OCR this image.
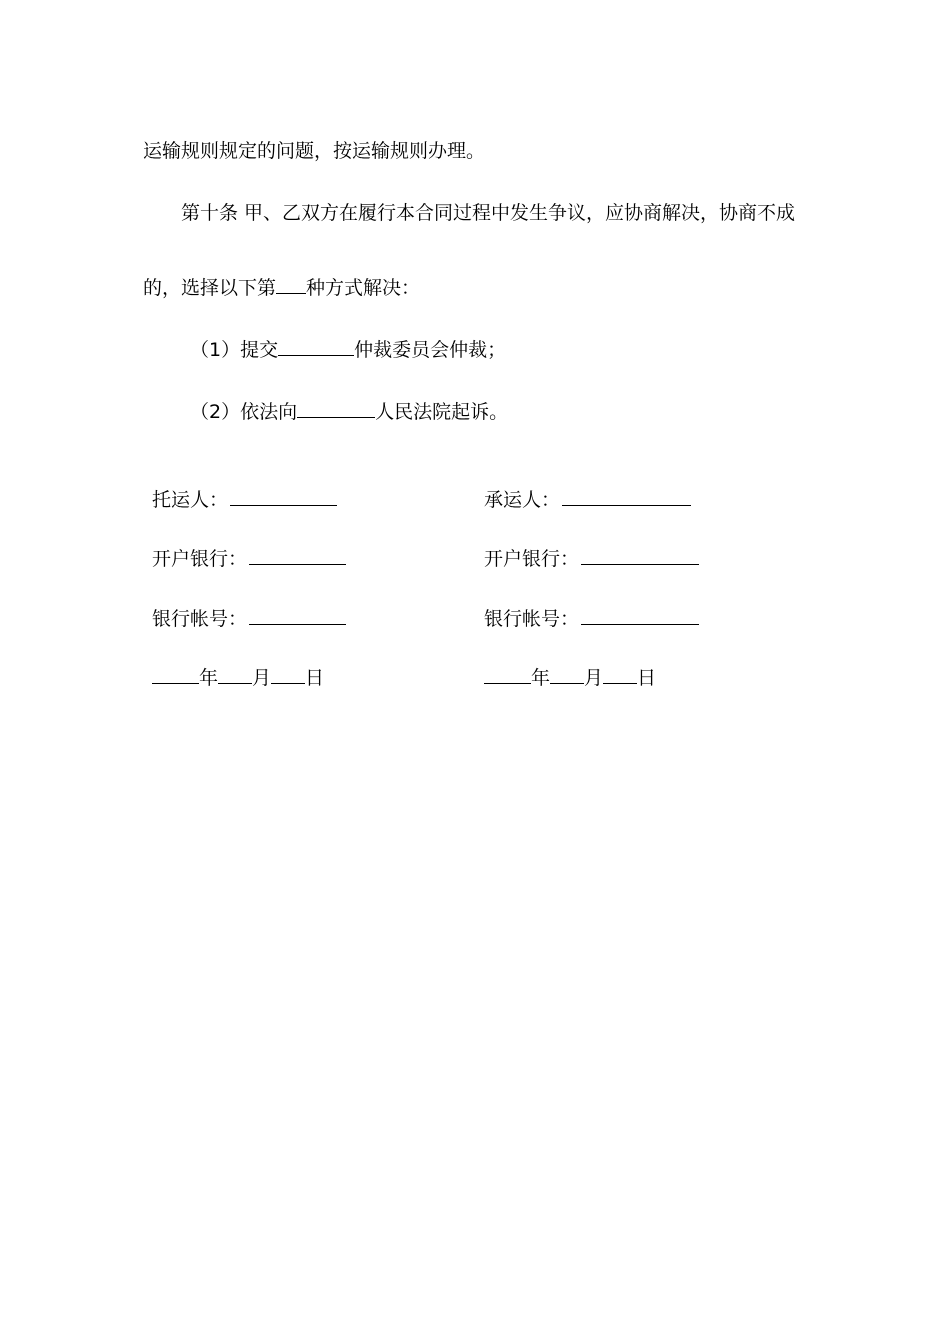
运输规则规定的问题，按运输规则办理。
第十条 甲、乙双方在履行本合同过程中发生争议，应协商解决，协商不成
的，选择以下第 种方式解决：
（1）提交	仲裁委员会仲裁；
（2）依法向	人民法院起诉。
托运人：
开户银行：
银行帐号：
年 月 日
承运人：
开户银行：
银行帐号：
年 月 日
